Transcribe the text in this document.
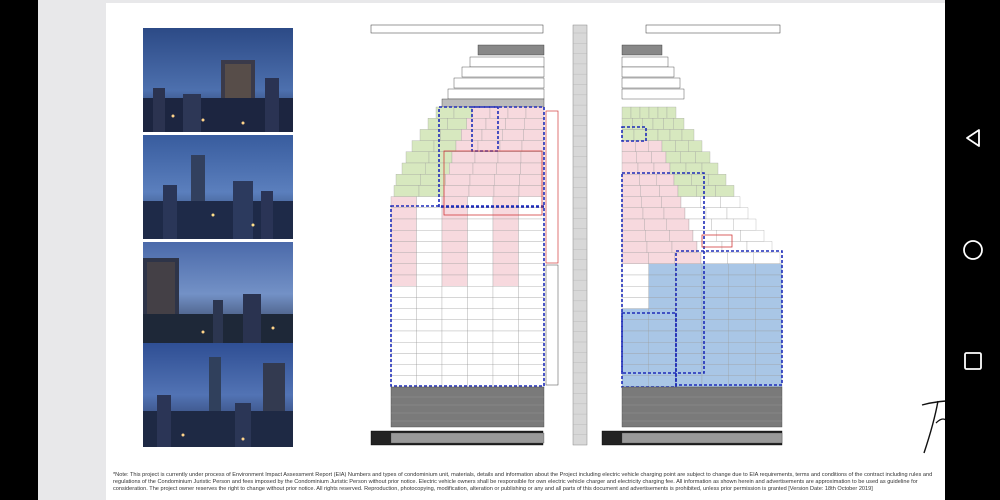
*Note: This project is currently under process of Environment Impact Assessment Report (EIA) Numbers and types of condominium unit, materials, details and information about the Project including electric vehicle charging point are subject to change due to EIA requirements, terms and conditions of the contract including rules and regulations of the Condominium Juristic Person and fees imposed by the Condominium Juristic Person without prior notice. Electric vehicle owners shall be responsible for own electric vehicle charger and electricity charging fee. All information as shown herein and advertisements are approximation to be used as guideline for consideration. The project owner reserves the right to change without prior notice. All rights reserved. Reproduction, photocopying, modification, alteration or publishing or any and all parts of this document and advertisements is prohibited, unless prior permission is granted [Version Date: 18th October 2019]
